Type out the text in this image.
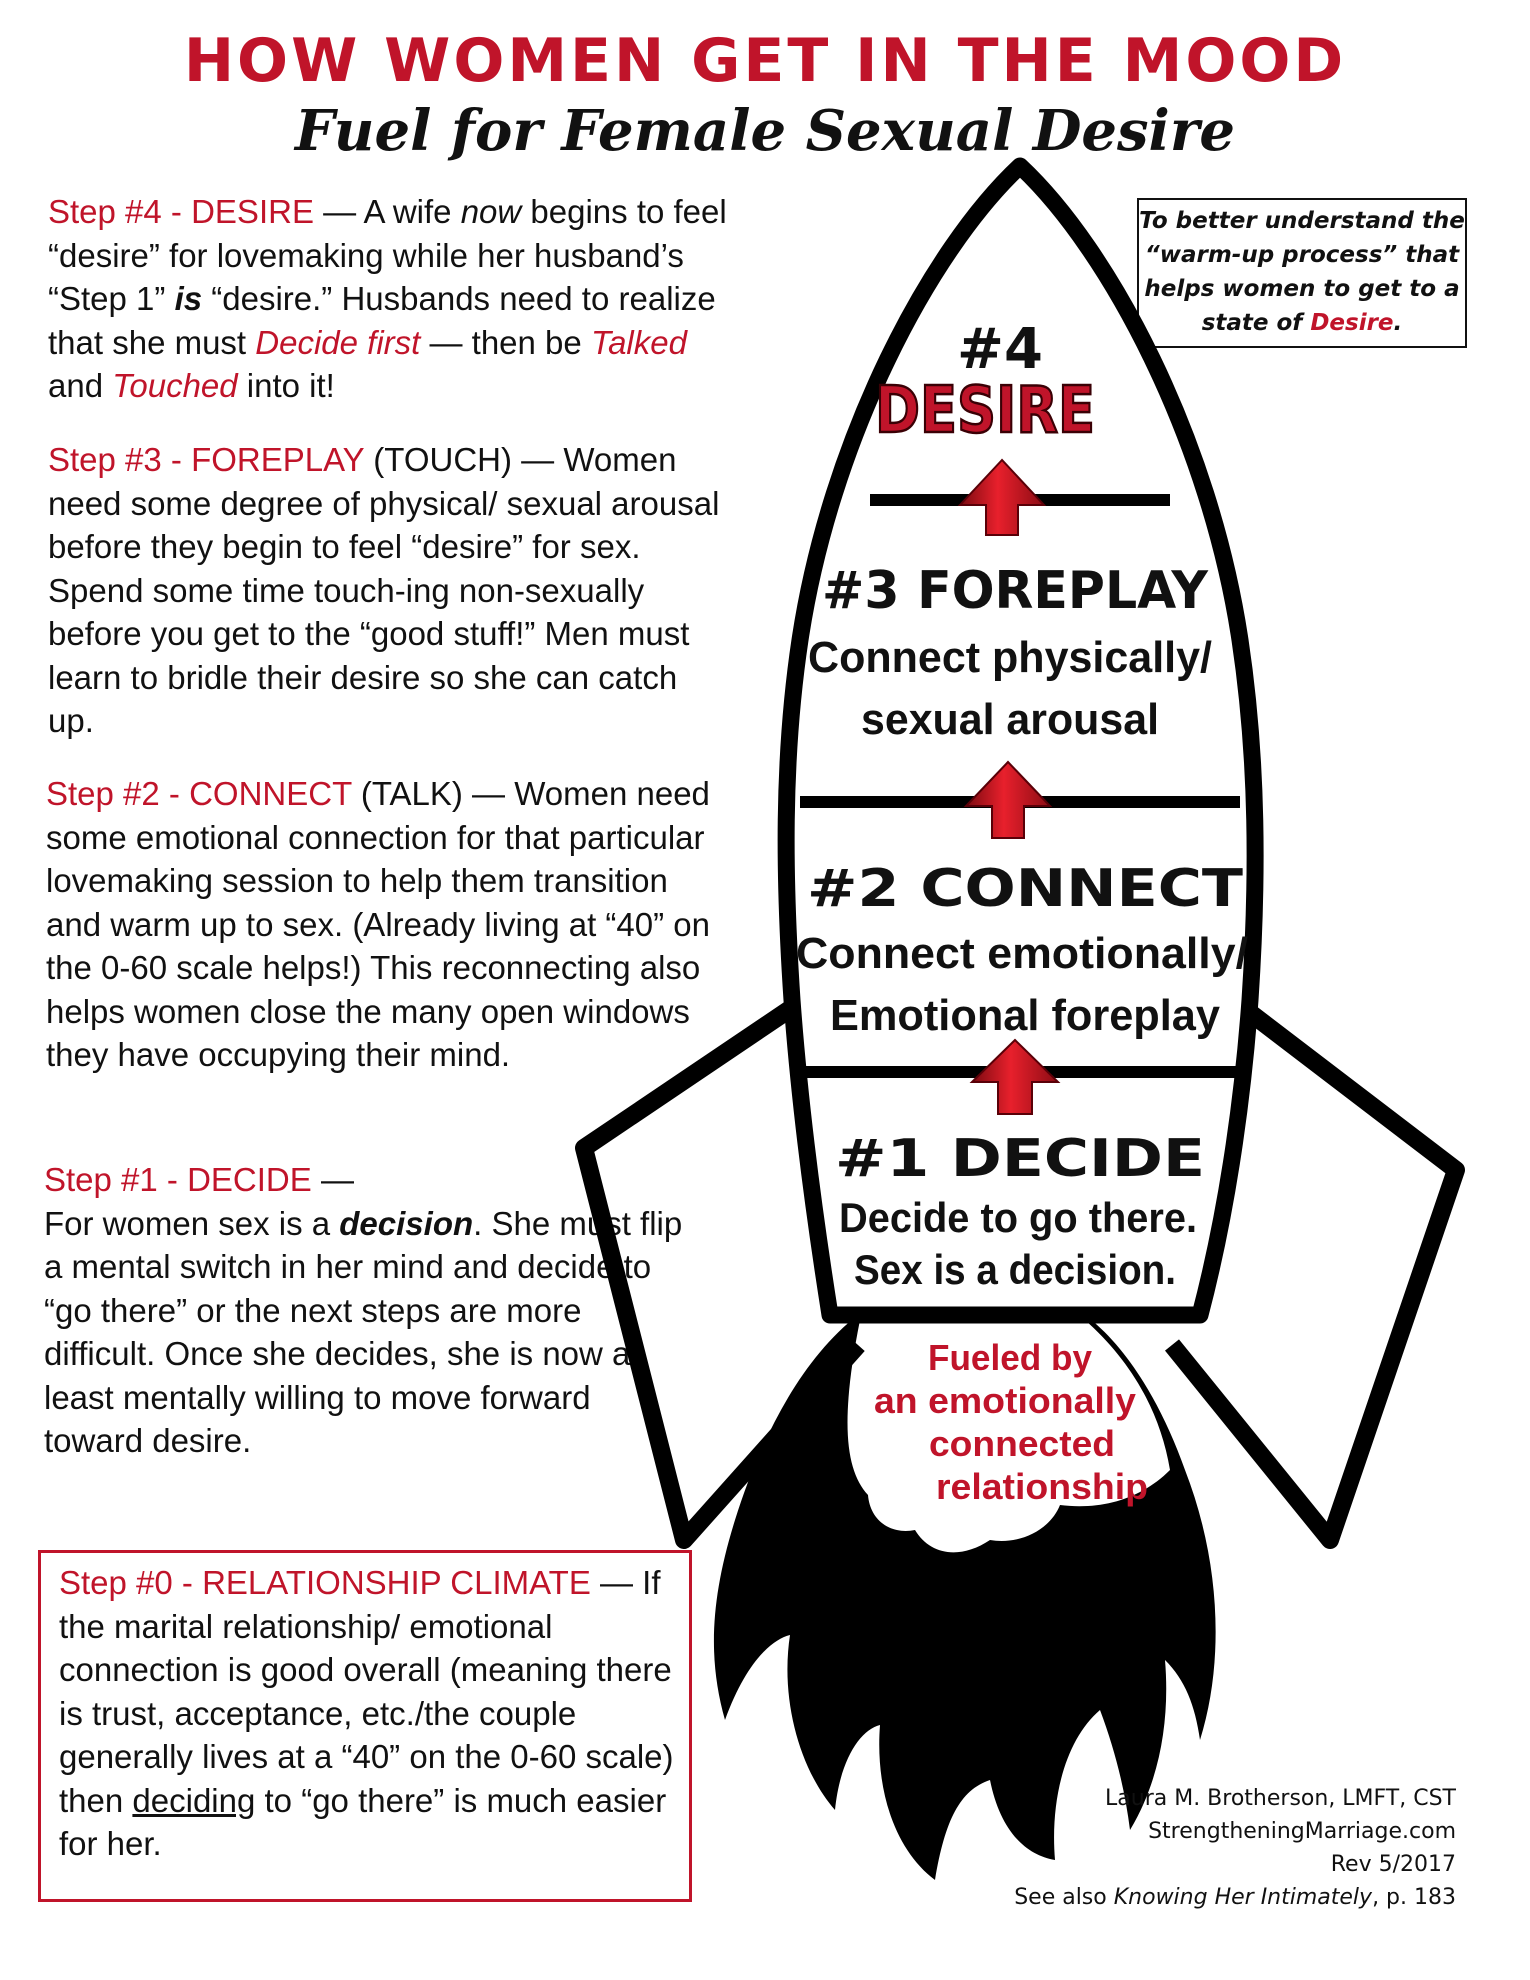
HOW WOMEN GET IN THE MOOD
Fuel for Female Sexual Desire

Step #4 - DESIRE — A wife now begins to feel “desire” for lovemaking while her husband’s “Step 1” is “desire.” Husbands need to realize that she must Decide first — then be Talked and Touched into it!

Step #3 - FOREPLAY (TOUCH) — Women need some degree of physical/ sexual arousal before they begin to feel “desire” for sex. Spend some time touch-ing non-sexually before you get to the “good stuff!” Men must learn to bridle their desire so she can catch up.

Step #2 - CONNECT (TALK) — Women need some emotional connection for that particular lovemaking session to help them transition and warm up to sex. (Already living at “40” on the 0-60 scale helps!) This reconnecting also helps women close the many open windows they have occupying their mind.

Step #1 - DECIDE —
For women sex is a decision. She must flip a mental switch in her mind and decide to “go there” or the next steps are more difficult. Once she decides, she is now at least mentally willing to move forward toward desire.

Step #0 - RELATIONSHIP CLIMATE — If the marital relationship/ emotional connection is good overall (meaning there is trust, acceptance, etc./the couple generally lives at a “40” on the 0-60 scale) then deciding to “go there” is much easier for her.

To better understand the “warm-up process” that helps women to get to a state of Desire.

#4
DESIRE
#3 FOREPLAY
Connect physically/
sexual arousal
#2 CONNECT
Connect emotionally/
Emotional foreplay
#1 DECIDE
Decide to go there.
Sex is a decision.
Fueled by
an emotionally
connected
relationship
Laura M. Brotherson, LMFT, CST
StrengtheningMarriage.com
Rev 5/2017
See also Knowing Her Intimately, p. 183
